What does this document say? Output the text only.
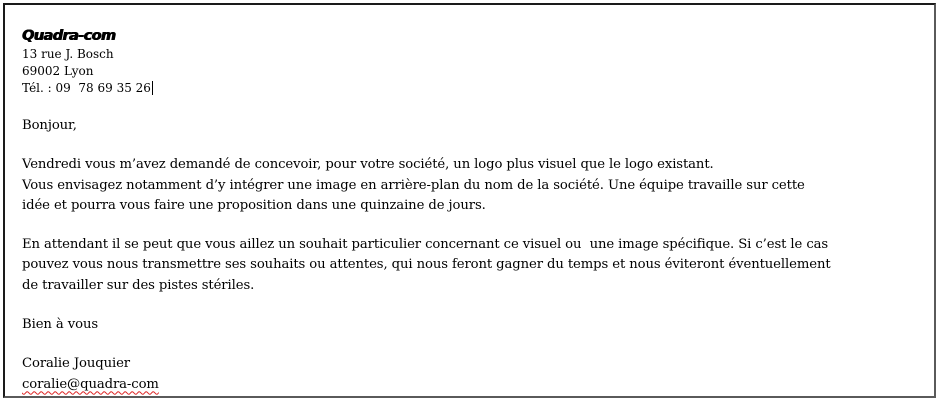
Quadra-com
13 rue J. Bosch
69002 Lyon
Tél. : 09  78 69 35 26
Bonjour,
Vendredi vous m’avez demandé de concevoir, pour votre société, un logo plus visuel que le logo existant.
Vous envisagez notamment d’y intégrer une image en arrière-plan du nom de la société. Une équipe travaille sur cette
idée et pourra vous faire une proposition dans une quinzaine de jours.
En attendant il se peut que vous aillez un souhait particulier concernant ce visuel ou  une image spécifique. Si c’est le cas
pouvez vous nous transmettre ses souhaits ou attentes, qui nous feront gagner du temps et nous éviteront éventuellement
de travailler sur des pistes stériles.
Bien à vous
Coralie Jouquier
coralie@quadra-com
